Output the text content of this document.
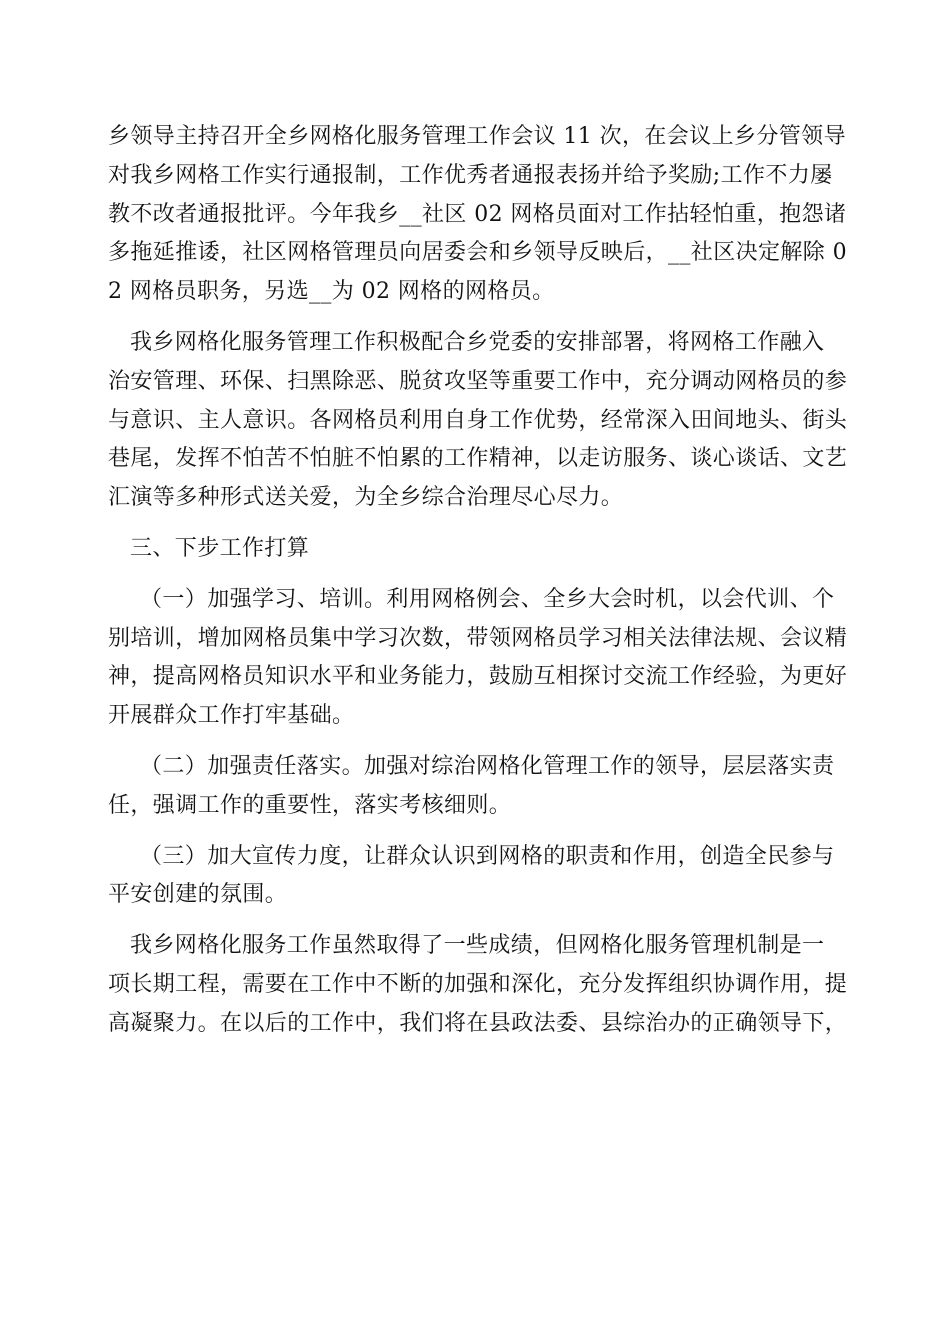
乡领导主持召开全乡网格化服务管理工作会议 11 次，在会议上乡分管领导
对我乡网格工作实行通报制，工作优秀者通报表扬并给予奖励;工作不力屡
教不改者通报批评。今年我乡__社区 02 网格员面对工作拈轻怕重，抱怨诸
多拖延推诿，社区网格管理员向居委会和乡领导反映后，__社区决定解除 0
2 网格员职务，另选__为 02 网格的网格员。
我乡网格化服务管理工作积极配合乡党委的安排部署，将网格工作融入
治安管理、环保、扫黑除恶、脱贫攻坚等重要工作中，充分调动网格员的参
与意识、主人意识。各网格员利用自身工作优势，经常深入田间地头、街头
巷尾，发挥不怕苦不怕脏不怕累的工作精神，以走访服务、谈心谈话、文艺
汇演等多种形式送关爱，为全乡综合治理尽心尽力。
三、下步工作打算
（一）加强学习、培训。利用网格例会、全乡大会时机，以会代训、个
别培训，增加网格员集中学习次数，带领网格员学习相关法律法规、会议精
神，提高网格员知识水平和业务能力，鼓励互相探讨交流工作经验，为更好
开展群众工作打牢基础。
（二）加强责任落实。加强对综治网格化管理工作的领导，层层落实责
任，强调工作的重要性，落实考核细则。
（三）加大宣传力度，让群众认识到网格的职责和作用，创造全民参与
平安创建的氛围。
我乡网格化服务工作虽然取得了一些成绩，但网格化服务管理机制是一
项长期工程，需要在工作中不断的加强和深化，充分发挥组织协调作用，提
高凝聚力。在以后的工作中，我们将在县政法委、县综治办的正确领导下，
